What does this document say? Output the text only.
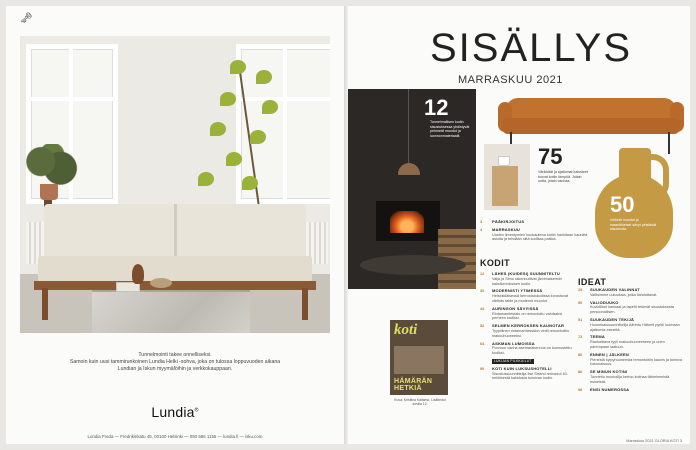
🗝
Tunnelmointi takee onnelliseksi.
Samoin kuin uusi tammirunkoinen Lundia Helki -sohva, joka on tulossa loppuvuoden aikana
Lundian ja Iskun myymälöihin ja verkkokauppaan.
Lundia®
Lundia Freda — Fredrikinkatu 45, 00100 Helsinki — 050 586 1155 — lundia.fi — isku.com
SISÄLLYS
MARRASKUU 2021
12
Tunnelmallisen kodin sisustuksessa yhdistyvät pehmeät muodot ja luonnonmateriaalit.
75
Värikkäät ja ajattomat kalusteet tuovat kotiin lämpöä. Jotain uutta, jotain vanhaa.
50
Veikeät muodot ja maanläheiset sävyt piristävät sisustusta.
3 PÄÄKIRJOITUS
4 MARRASKUU
Uusien ilmentymien kuukautena kotiin hankitaan kauniita asioita ja tehdään siitä kodikas paikka.
KODIT
12 LÄHES (KUIDESI) SUUNNITELTU
Vaija ja Simo rakennuttivat järvimaisemiin kaksikerroksisen kodin.
30 MODERNISTI YTIMESSÄ
Helsinkiläisessä kerrostalokodissa korostuvat värikäs taide ja modernit muodot.
44 AURINGON SÄVYISSÄ
Rintamamiestalo on remontoitu valoisaksi perheen kodiksi.
52 SELMEN KERROKSEN KAUNOTAR
Tyypillinen rintamamiestalon vintti remontoitiin makuuhuoneeksi.
64 ASKMAN LUMOISSA
Porvoon vanha asemarakennus on kunnostettu kodiksi.
LUKIJAN PILKKUILUT
90 KOTI KUIN LUKSUSHOTELLI
Sisustussuunnittelija Ilse Strand remontoi 40-neliöisestä kaksiosta toimivan kodin.
IDEAT
29 SUUKAUDEN VALINNAT
Valitsimme uutuuksia, jotka ilahduttavat.
50 VALIODUUKO
Kuviolliset kankaat ja tapetit tekevät sisustuksesta persoonallisen.
51 SUUKAUDEN TEKIJÄ
Huonekalusuunnittelija Alfredo Häberli pyrkii luomaan ajattomia esineitä.
73 TEEMA
Rauhoittava tyyli makuuhuoneeseen ja unen parempaan laatuun.
80 ENNEN | JÄLKEEN
Pienestä kylpyhuoneesta remontoitiin kaunis ja toimiva kokonaisuus.
86 SE MINUN KOTINI
Tunnettu muotoilija kertoo kotinsa tärkeimmistä esineistä.
98 ENSI NUMEROSSA
koti
HÄMÄRÄN HETKIÄ
Kuva: Kristiina Kaltamo, Lisätiedot sivulla 12.
Marraskuu 2021 GLORIA KOTI 3
